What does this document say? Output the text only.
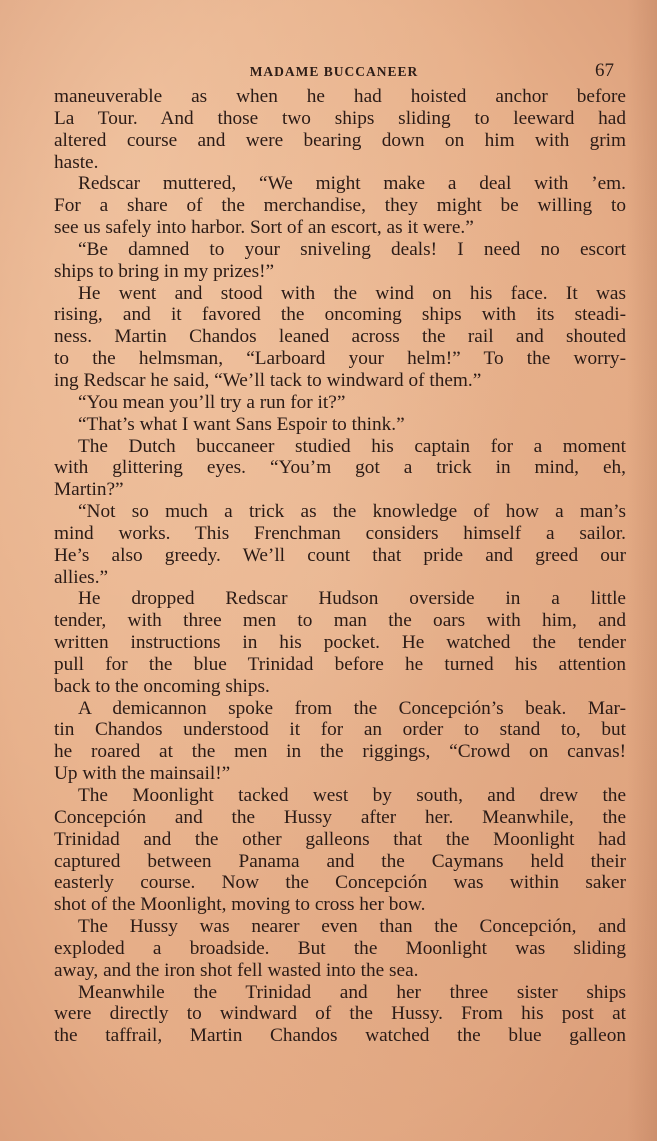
MADAME BUCCANEER	67
maneuverable as when he had hoisted anchor before
La Tour. And those two ships sliding to leeward had
altered course and were bearing down on him with grim
haste.
Redscar muttered, “We might make a deal with ’em.
For a share of the merchandise, they might be willing to
see us safely into harbor. Sort of an escort, as it were.”
“Be damned to your sniveling deals! I need no escort
ships to bring in my prizes!”
He went and stood with the wind on his face. It was
rising, and it favored the oncoming ships with its steadi-
ness. Martin Chandos leaned across the rail and shouted
to the helmsman, “Larboard your helm!” To the worry-
ing Redscar he said, “We’ll tack to windward of them.”
“You mean you’ll try a run for it?”
“That’s what I want Sans Espoir to think.”
The Dutch buccaneer studied his captain for a moment
with glittering eyes. “You’m got a trick in mind, eh,
Martin?”
“Not so much a trick as the knowledge of how a man’s
mind works. This Frenchman considers himself a sailor.
He’s also greedy. We’ll count that pride and greed our
allies.”
He dropped Redscar Hudson overside in a little
tender, with three men to man the oars with him, and
written instructions in his pocket. He watched the tender
pull for the blue Trinidad before he turned his attention
back to the oncoming ships.
A demicannon spoke from the Concepción’s beak. Mar-
tin Chandos understood it for an order to stand to, but
he roared at the men in the riggings, “Crowd on canvas!
Up with the mainsail!”
The Moonlight tacked west by south, and drew the
Concepción and the Hussy after her. Meanwhile, the
Trinidad and the other galleons that the Moonlight had
captured between Panama and the Caymans held their
easterly course. Now the Concepción was within saker
shot of the Moonlight, moving to cross her bow.
The Hussy was nearer even than the Concepción, and
exploded a broadside. But the Moonlight was sliding
away, and the iron shot fell wasted into the sea.
Meanwhile the Trinidad and her three sister ships
were directly to windward of the Hussy. From his post at
the taffrail, Martin Chandos watched the blue galleon
